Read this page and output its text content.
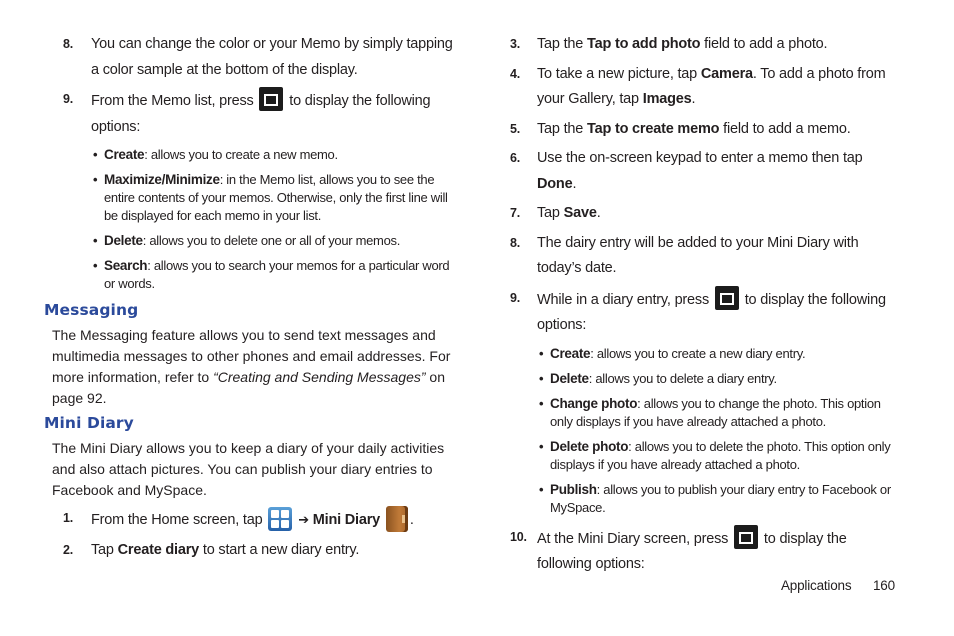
8. You can change the color or your Memo by simply tapping a color sample at the bottom of the display.
9. From the Memo list, press to display the following options:
• Create: allows you to create a new memo.
• Maximize/Minimize: in the Memo list, allows you to see the entire contents of your memos. Otherwise, only the first line will be displayed for each memo in your list.
• Delete: allows you to delete one or all of your memos.
• Search: allows you to search your memos for a particular word or words.
Messaging

The Messaging feature allows you to send text messages and multimedia messages to other phones and email addresses. For more information, refer to “Creating and Sending Messages” on page 92.

Mini Diary

The Mini Diary allows you to keep a diary of your daily activities and also attach pictures. You can publish your diary entries to Facebook and MySpace.

1. From the Home screen, tap	➔ Mini Diary .
2. Tap Create diary to start a new diary entry.
3. Tap the Tap to add photo field to add a photo.
4. To take a new picture, tap Camera. To add a photo from your Gallery, tap Images.
5. Tap the Tap to create memo field to add a memo.
6. Use the on-screen keypad to enter a memo then tap Done.
7. Tap Save.
8. The dairy entry will be added to your Mini Diary with today’s date.
9. While in a diary entry, press to display the following options:
• Create: allows you to create a new diary entry.
• Delete: allows you to delete a diary entry.
• Change photo: allows you to change the photo. This option only displays if you have already attached a photo.
• Delete photo: allows you to delete the photo. This option only displays if you have already attached a photo.
• Publish: allows you to publish your diary entry to Facebook or MySpace.
10. At the Mini Diary screen, press to display the following options:
Applications 160
